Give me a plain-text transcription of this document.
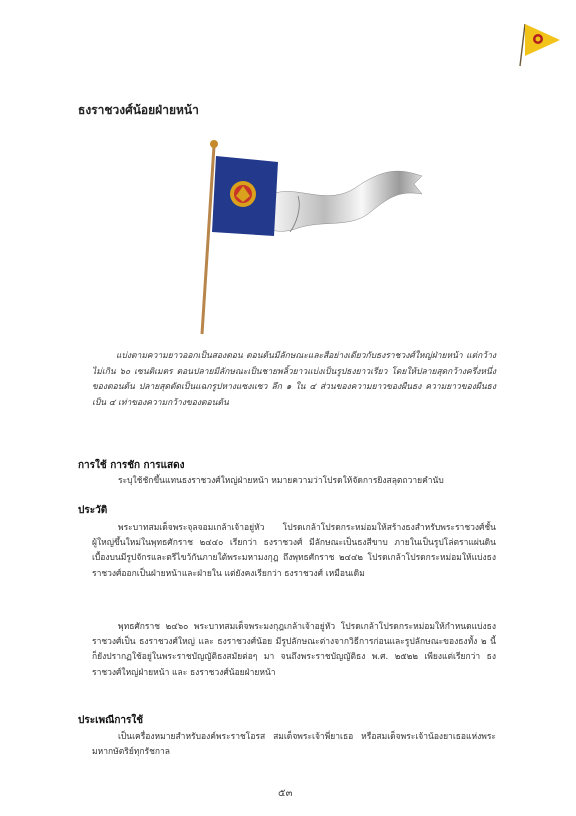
ธงราชวงศ์น้อยฝ่ายหน้า
แบ่งตามความยาวออกเป็นสองตอน ตอนต้นมีลักษณะและสีอย่างเดียวกับธงราชวงศ์ใหญ่ฝ่ายหน้า แต่กว้างไม่เกิน ๖๐ เซนติเมตร ตอนปลายมีลักษณะเป็นชายพลิ้วยาวแบ่งเป็นรูปธงยาวเรียว โดยให้ปลายสุดกว้างครึ่งหนึ่งของตอนต้น ปลายสุดตัดเป็นแฉกรูปหางแซงแซว ลึก ๑ ใน ๔ ส่วนของความยาวของผืนธง ความยาวของผืนธงเป็น ๔ เท่าของความกว้างของตอนต้น
การใช้ การชัก การแสดง
ระบุใช้ชักขึ้นแทนธงราชวงศ์ใหญ่ฝ่ายหน้า หมายความว่าโปรดให้จัดการยิงสลุตถวายคำนับ
ประวัติ
พระบาทสมเด็จพระจุลจอมเกล้าเจ้าอยู่หัว โปรดเกล้าโปรดกระหม่อมให้สร้างธงสำหรับพระราชวงศ์ชั้นผู้ใหญ่ขึ้นใหม่ในพุทธศักราช ๒๔๔๐ เรียกว่า ธงราชวงศ์ มีลักษณะเป็นธงสีขาบ ภายในเป็นรูปโล่ตราแผ่นดิน เบื้องบนมีรูปจักรและตรีไขว้กันภายใต้พระมหามงกุฎ ถึงพุทธศักราช ๒๔๔๒ โปรดเกล้าโปรดกระหม่อมให้แบ่งธงราชวงศ์ออกเป็นฝ่ายหน้าและฝ่ายใน แต่ยังคงเรียกว่า ธงราชวงศ์ เหมือนเดิม
พุทธศักราช ๒๔๖๐ พระบาทสมเด็จพระมงกุฎเกล้าเจ้าอยู่หัว โปรดเกล้าโปรดกระหม่อมให้กำหนดแบ่งธงราชวงศ์เป็น ธงราชวงศ์ใหญ่ และ ธงราชวงศ์น้อย มีรูปลักษณะต่างจากวิธีการก่อนและรูปลักษณะของธงทั้ง ๒ นี้ ก็ยังปรากฏใช้อยู่ในพระราชบัญญัติธงสมัยต่อๆ มา จนถึงพระราชบัญญัติธง พ.ศ. ๒๕๒๒ เพียงแต่เรียกว่า ธงราชวงศ์ใหญ่ฝ่ายหน้า และ ธงราชวงศ์น้อยฝ่ายหน้า
ประเพณีการใช้
เป็นเครื่องหมายสำหรับองค์พระราชโอรส สมเด็จพระเจ้าพี่ยาเธอ หรือสมเด็จพระเจ้าน้องยาเธอแห่งพระมหากษัตริย์ทุกรัชกาล
๕๓
